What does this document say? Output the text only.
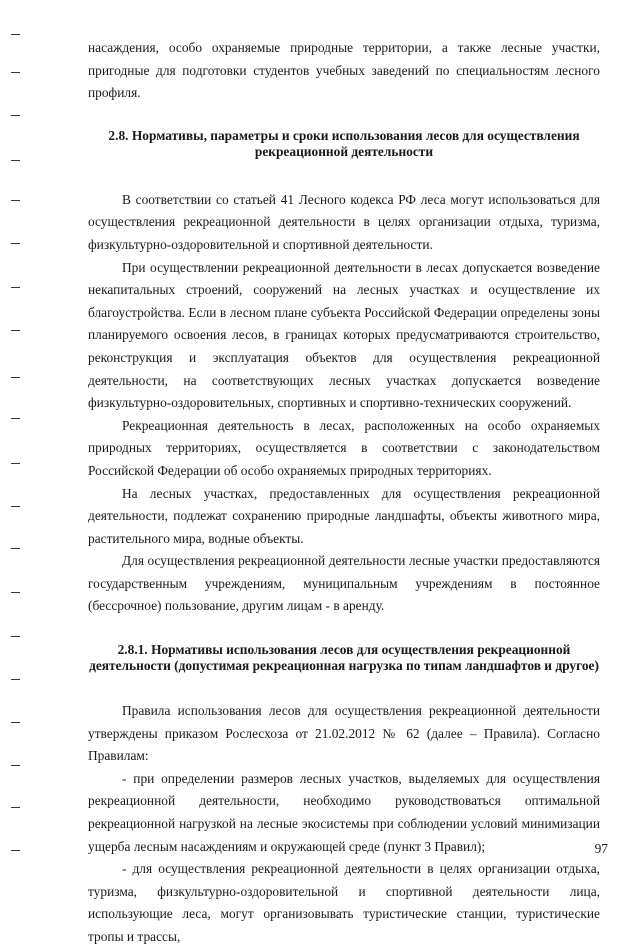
насаждения, особо охраняемые природные территории, а также лесные участки, пригодные для подготовки студентов учебных заведений по специальностям лесного профиля.

2.8. Нормативы, параметры и сроки использования лесов для осуществления рекреационной деятельности

В соответствии со статьей 41 Лесного кодекса РФ леса могут использоваться для осуществления рекреационной деятельности в целях организации отдыха, туризма, физкультурно-оздоровительной и спортивной деятельности.

При осуществлении рекреационной деятельности в лесах допускается возведение некапитальных строений, сооружений на лесных участках и осуществление их благоустройства. Если в лесном плане субъекта Российской Федерации определены зоны планируемого освоения лесов, в границах которых предусматриваются строительство, реконструкция и эксплуатация объектов для осуществления рекреационной деятельности, на соответствующих лесных участках допускается возведение физкультурно-оздоровительных, спортивных и спортивно-технических сооружений.

Рекреационная деятельность в лесах, расположенных на особо охраняемых природных территориях, осуществляется в соответствии с законодательством Российской Федерации об особо охраняемых природных территориях.

На лесных участках, предоставленных для осуществления рекреационной деятельности, подлежат сохранению природные ландшафты, объекты животного мира, растительного мира, водные объекты.

Для осуществления рекреационной деятельности лесные участки предоставляются государственным учреждениям, муниципальным учреждениям в постоянное (бессрочное) пользование, другим лицам - в аренду.

2.8.1. Нормативы использования лесов для осуществления рекреационной деятельности (допустимая рекреационная нагрузка по типам ландшафтов и другое)

Правила использования лесов для осуществления рекреационной деятельности утверждены приказом Рослесхоза от 21.02.2012 № 62 (далее – Правила). Согласно Правилам:

- при определении размеров лесных участков, выделяемых для осуществления рекреационной деятельности, необходимо руководствоваться оптимальной рекреационной нагрузкой на лесные экосистемы при соблюдении условий минимизации ущерба лесным насаждениям и окружающей среде (пункт 3 Правил);

- для осуществления рекреационной деятельности в целях организации отдыха, туризма, физкультурно-оздоровительной и спортивной деятельности лица, использующие леса, могут организовывать туристические станции, туристические тропы и трассы,

97
